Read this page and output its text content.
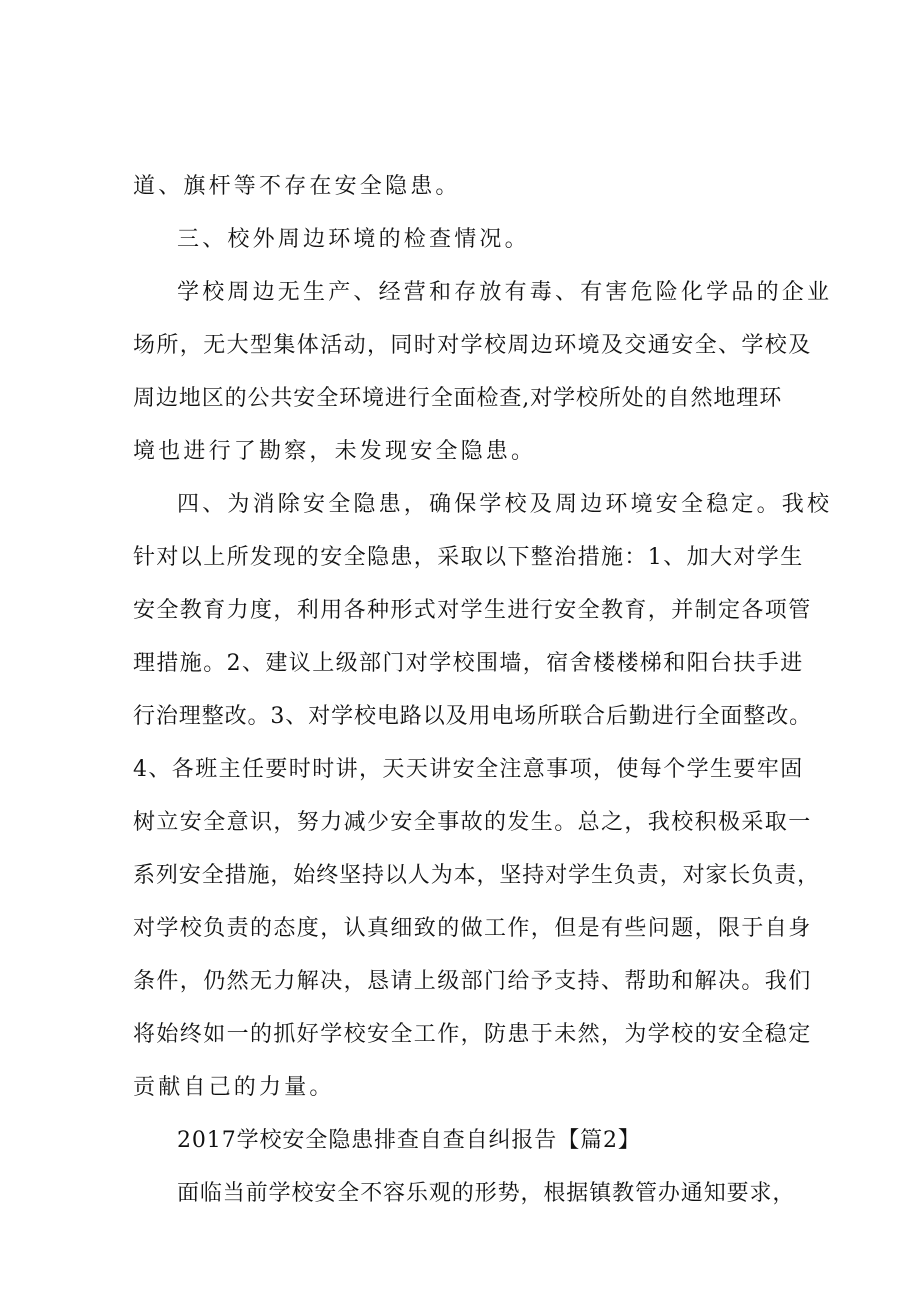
道、旗杆等不存在安全隐患。
三、校外周边环境的检查情况。
学校周边无生产、经营和存放有毒、有害危险化学品的企业
场所，无大型集体活动，同时对学校周边环境及交通安全、学校及
周边地区的公共安全环境进行全面检查,对学校所处的自然地理环
境也进行了勘察，未发现安全隐患。
四、为消除安全隐患，确保学校及周边环境安全稳定。我校
针对以上所发现的安全隐患，采取以下整治措施：1、加大对学生
安全教育力度，利用各种形式对学生进行安全教育，并制定各项管
理措施。2、建议上级部门对学校围墙，宿舍楼楼梯和阳台扶手进
行治理整改。3、对学校电路以及用电场所联合后勤进行全面整改。
4、各班主任要时时讲，天天讲安全注意事项，使每个学生要牢固
树立安全意识，努力减少安全事故的发生。总之，我校积极采取一
系列安全措施，始终坚持以人为本，坚持对学生负责，对家长负责，
对学校负责的态度，认真细致的做工作，但是有些问题，限于自身
条件，仍然无力解决，恳请上级部门给予支持、帮助和解决。我们
将始终如一的抓好学校安全工作，防患于未然，为学校的安全稳定
贡献自己的力量。
2017学校安全隐患排查自查自纠报告【篇2】
面临当前学校安全不容乐观的形势，根据镇教管办通知要求，
